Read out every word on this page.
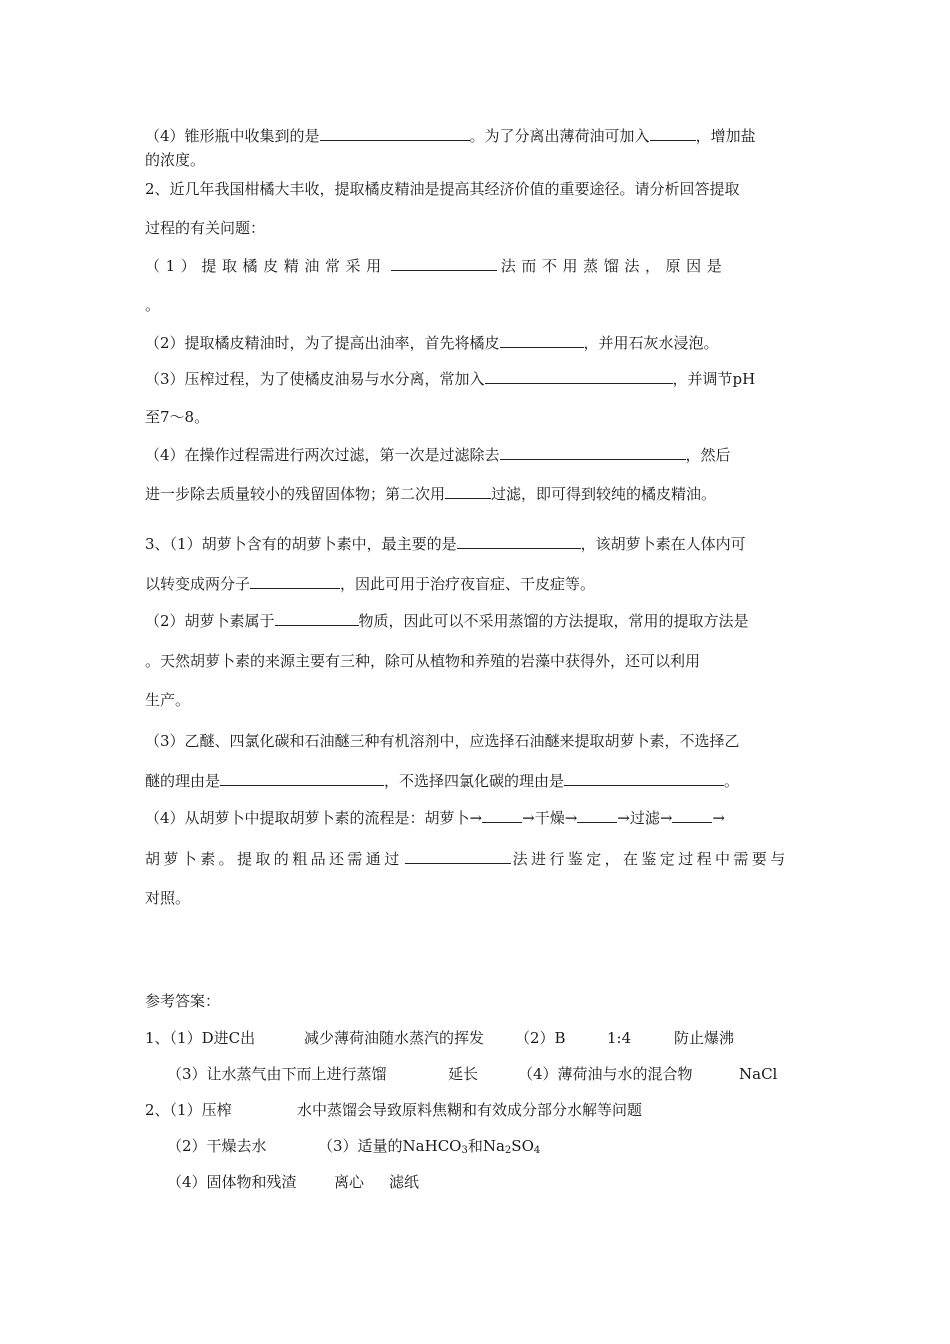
（4）锥形瓶中收集到的是	。为了分离出薄荷油可加入	，增加盐
的浓度。
2、近几年我国柑橘大丰收，提取橘皮精油是提高其经济价值的重要途径。请分析回答提取
过程的有关问题：
（1）提取橘皮精油常采用	法而不用蒸馏法，原因是
。
（2）提取橘皮精油时，为了提高出油率，首先将橘皮	，并用石灰水浸泡。
（3）压榨过程，为了使橘皮油易与水分离，常加入	，并调节pH
至7～8。
（4）在操作过程需进行两次过滤，第一次是过滤除去	，然后
进一步除去质量较小的残留固体物；第二次用	过滤，即可得到较纯的橘皮精油。
3、（1）胡萝卜含有的胡萝卜素中，最主要的是	，该胡萝卜素在人体内可
以转变成两分子	，因此可用于治疗夜盲症、干皮症等。
（2）胡萝卜素属于	物质，因此可以不采用蒸馏的方法提取，常用的提取方法是
。天然胡萝卜素的来源主要有三种，除可从植物和养殖的岩藻中获得外，还可以利用
生产。
（3）乙醚、四氯化碳和石油醚三种有机溶剂中，应选择石油醚来提取胡萝卜素，不选择乙
醚的理由是	，不选择四氯化碳的理由是	。
（4）从胡萝卜中提取胡萝卜素的流程是：胡萝卜→	→干燥→	→过滤→	→
胡萝卜素。提取的粗品还需通过	法进行鉴定，在鉴定过程中需要与
对照。
参考答案：
1、（1）D进C出	减少薄荷油随水蒸汽的挥发 （2）B	1:4	防止爆沸
（3）让水蒸气由下而上进行蒸馏	延长	（4）薄荷油与水的混合物	NaCl
2、（1）压榨	水中蒸馏会导致原料焦糊和有效成分部分水解等问题
（2）干燥去水	（3）适量的NaHCO$_3$和$Na_2SO_4$
（4）固体物和残渣 离心 滤纸
